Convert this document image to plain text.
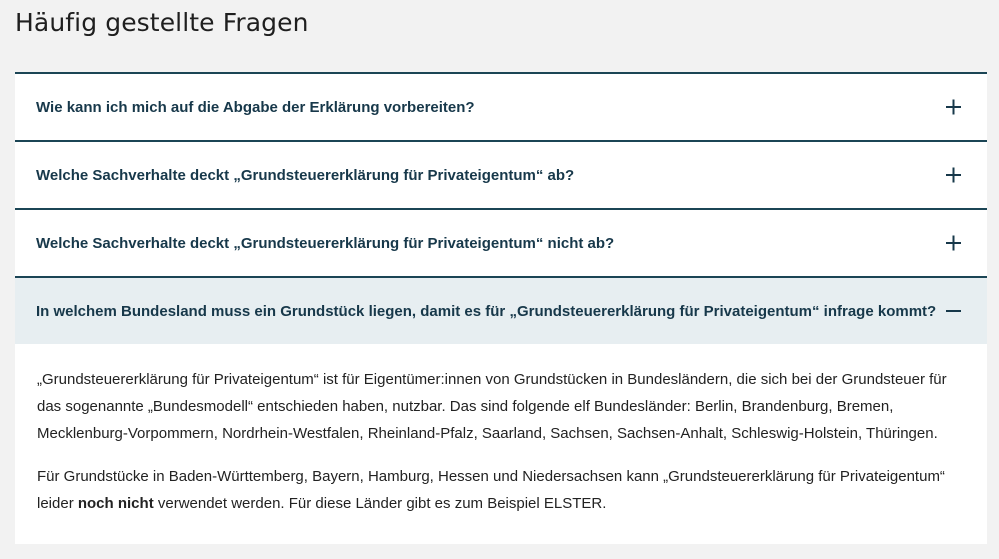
Häufig gestellte Fragen
Wie kann ich mich auf die Abgabe der Erklärung vorbereiten?
Welche Sachverhalte deckt „Grundsteuererklärung für Privateigentum“ ab?
Welche Sachverhalte deckt „Grundsteuererklärung für Privateigentum“ nicht ab?
In welchem Bundesland muss ein Grundstück liegen, damit es für „Grundsteuererklärung für Privateigentum“ infrage kommt?

„Grundsteuererklärung für Privateigentum“ ist für Eigentümer:innen von Grundstücken in Bundesländern, die sich bei der Grundsteuer für das sogenannte „Bundesmodell“ entschieden haben, nutzbar. Das sind folgende elf Bundesländer: Berlin, Brandenburg, Bremen, Mecklenburg-Vorpommern, Nordrhein-Westfalen, Rheinland-Pfalz, Saarland, Sachsen, Sachsen-Anhalt, Schleswig-Holstein, Thüringen.

Für Grundstücke in Baden-Württemberg, Bayern, Hamburg, Hessen und Niedersachsen kann „Grundsteuererklärung für Privateigentum“ leider noch nicht verwendet werden. Für diese Länder gibt es zum Beispiel ELSTER.
